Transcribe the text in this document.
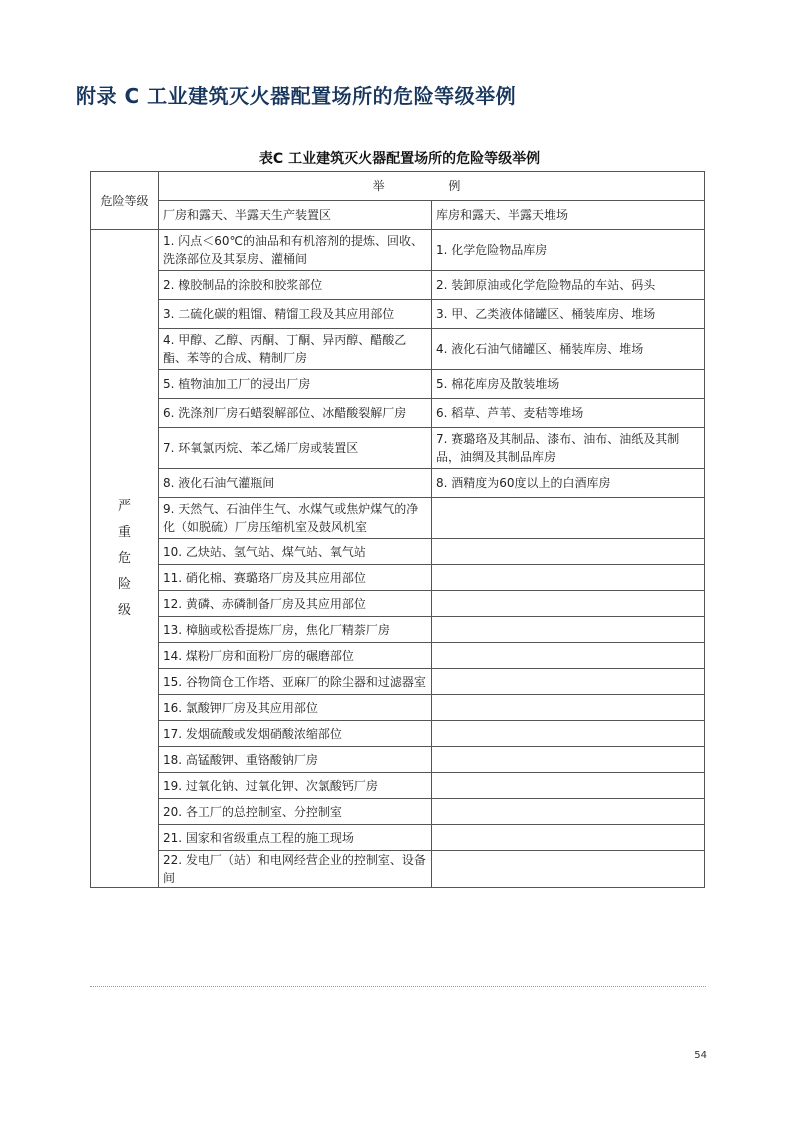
附录 C 工业建筑灭火器配置场所的危险等级举例
表C 工业建筑灭火器配置场所的危险等级举例
危险等级	举 例	
	厂房和露天、半露天生产装置区	库房和露天、半露天堆场
严重危险级	1. 闪点＜60℃的油品和有机溶剂的提炼、回收、洗涤部位及其泵房、灌桶间	1. 化学危险物品库房
	2. 橡胶制品的涂胶和胶浆部位	2. 装卸原油或化学危险物品的车站、码头
	3. 二硫化碳的粗馏、精馏工段及其应用部位	3. 甲、乙类液体储罐区、桶装库房、堆场
	4. 甲醇、乙醇、丙酮、丁酮、异丙醇、醋酸乙酯、苯等的合成、精制厂房	4. 液化石油气储罐区、桶装库房、堆场
	5. 植物油加工厂的浸出厂房	5. 棉花库房及散装堆场
	6. 洗涤剂厂房石蜡裂解部位、冰醋酸裂解厂房	6. 稻草、芦苇、麦秸等堆场
	7. 环氧氯丙烷、苯乙烯厂房或装置区	7. 赛璐珞及其制品、漆布、油布、油纸及其制品，油绸及其制品库房
	8. 液化石油气灌瓶间	8. 酒精度为60度以上的白酒库房
	9. 天然气、石油伴生气、水煤气或焦炉煤气的净化（如脱硫）厂房压缩机室及鼓风机室	
	10. 乙炔站、氢气站、煤气站、氧气站	
	11. 硝化棉、赛璐珞厂房及其应用部位	
	12. 黄磷、赤磷制备厂房及其应用部位	
	13. 樟脑或松香提炼厂房，焦化厂精萘厂房	
	14. 煤粉厂房和面粉厂房的碾磨部位	
	15. 谷物筒仓工作塔、亚麻厂的除尘器和过滤器室	
	16. 氯酸钾厂房及其应用部位	
	17. 发烟硫酸或发烟硝酸浓缩部位	
	18. 高锰酸钾、重铬酸钠厂房	
	19. 过氧化钠、过氧化钾、次氯酸钙厂房	
	20. 各工厂的总控制室、分控制室	
	21. 国家和省级重点工程的施工现场	
	22. 发电厂（站）和电网经营企业的控制室、设备间	
54
